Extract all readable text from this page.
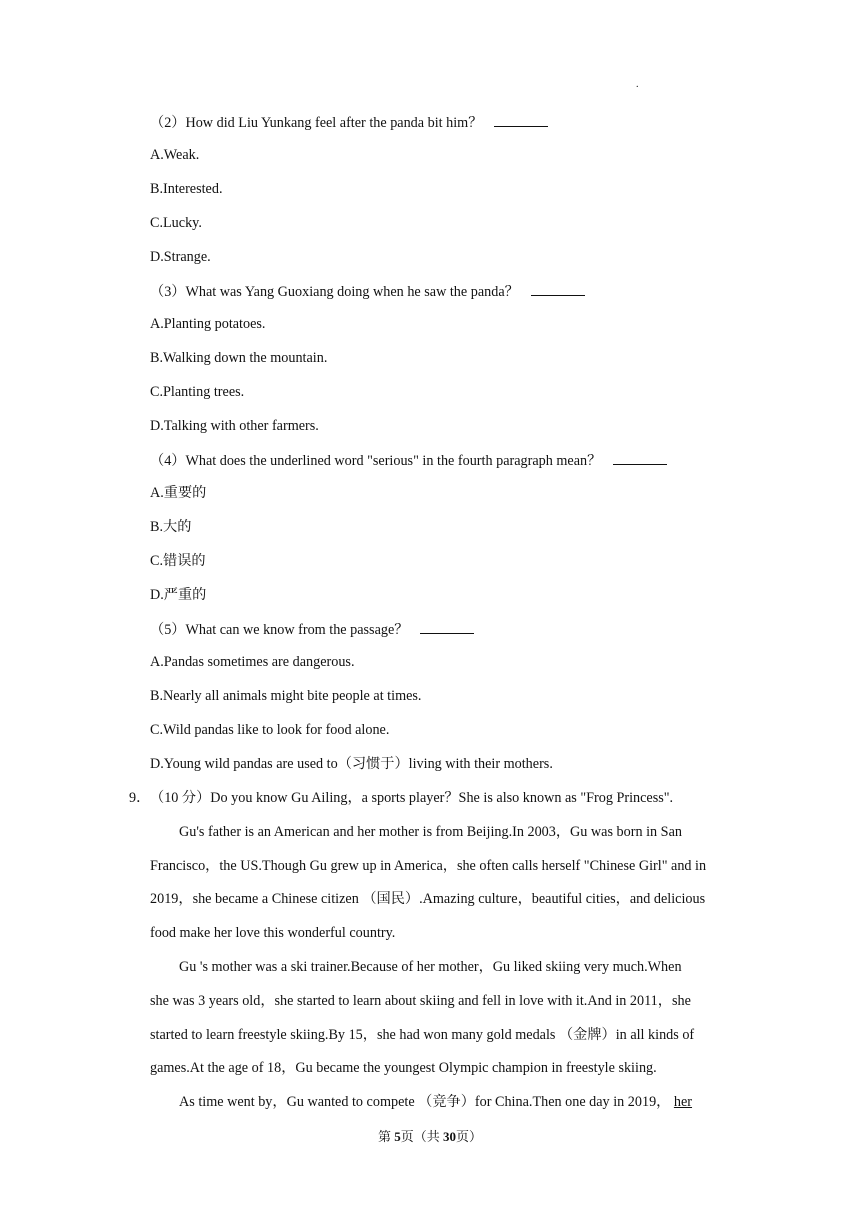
.
（2）How did Liu Yunkang feel after the panda bit him？
A.Weak.
B.Interested.
C.Lucky.
D.Strange.
（3）What was Yang Guoxiang doing when he saw the panda？
A.Planting potatoes.
B.Walking down the mountain.
C.Planting trees.
D.Talking with other farmers.
（4）What does the underlined word "serious" in the fourth paragraph mean？
A.重要的
B.大的
C.错误的
D.严重的
（5）What can we know from the passage？
A.Pandas sometimes are dangerous.
B.Nearly all animals might bite people at times.
C.Wild pandas like to look for food alone.
D.Young wild pandas are used to（习惯于）living with their mothers.
9． （10 分）Do you know Gu Ailing，a sports player？She is also known as "Frog Princess".
Gu's father is an American and her mother is from Beijing.In 2003，Gu was born in San
Francisco，the US.Though Gu grew up in America，she often calls herself "Chinese Girl" and in
2019，she became a Chinese citizen （国民）.Amazing culture，beautiful cities，and delicious
food make her love this wonderful country.
Gu 's mother was a ski trainer.Because of her mother，Gu liked skiing very much.When
she was 3 years old，she started to learn about skiing and fell in love with it.And in 2011，she
started to learn freestyle skiing.By 15，she had won many gold medals （金牌）in all kinds of
games.At the age of 18，Gu became the youngest Olympic champion in freestyle skiing.
As time went by，Gu wanted to compete （竞争）for China.Then one day in 2019， her
第 5页（共 30页）
